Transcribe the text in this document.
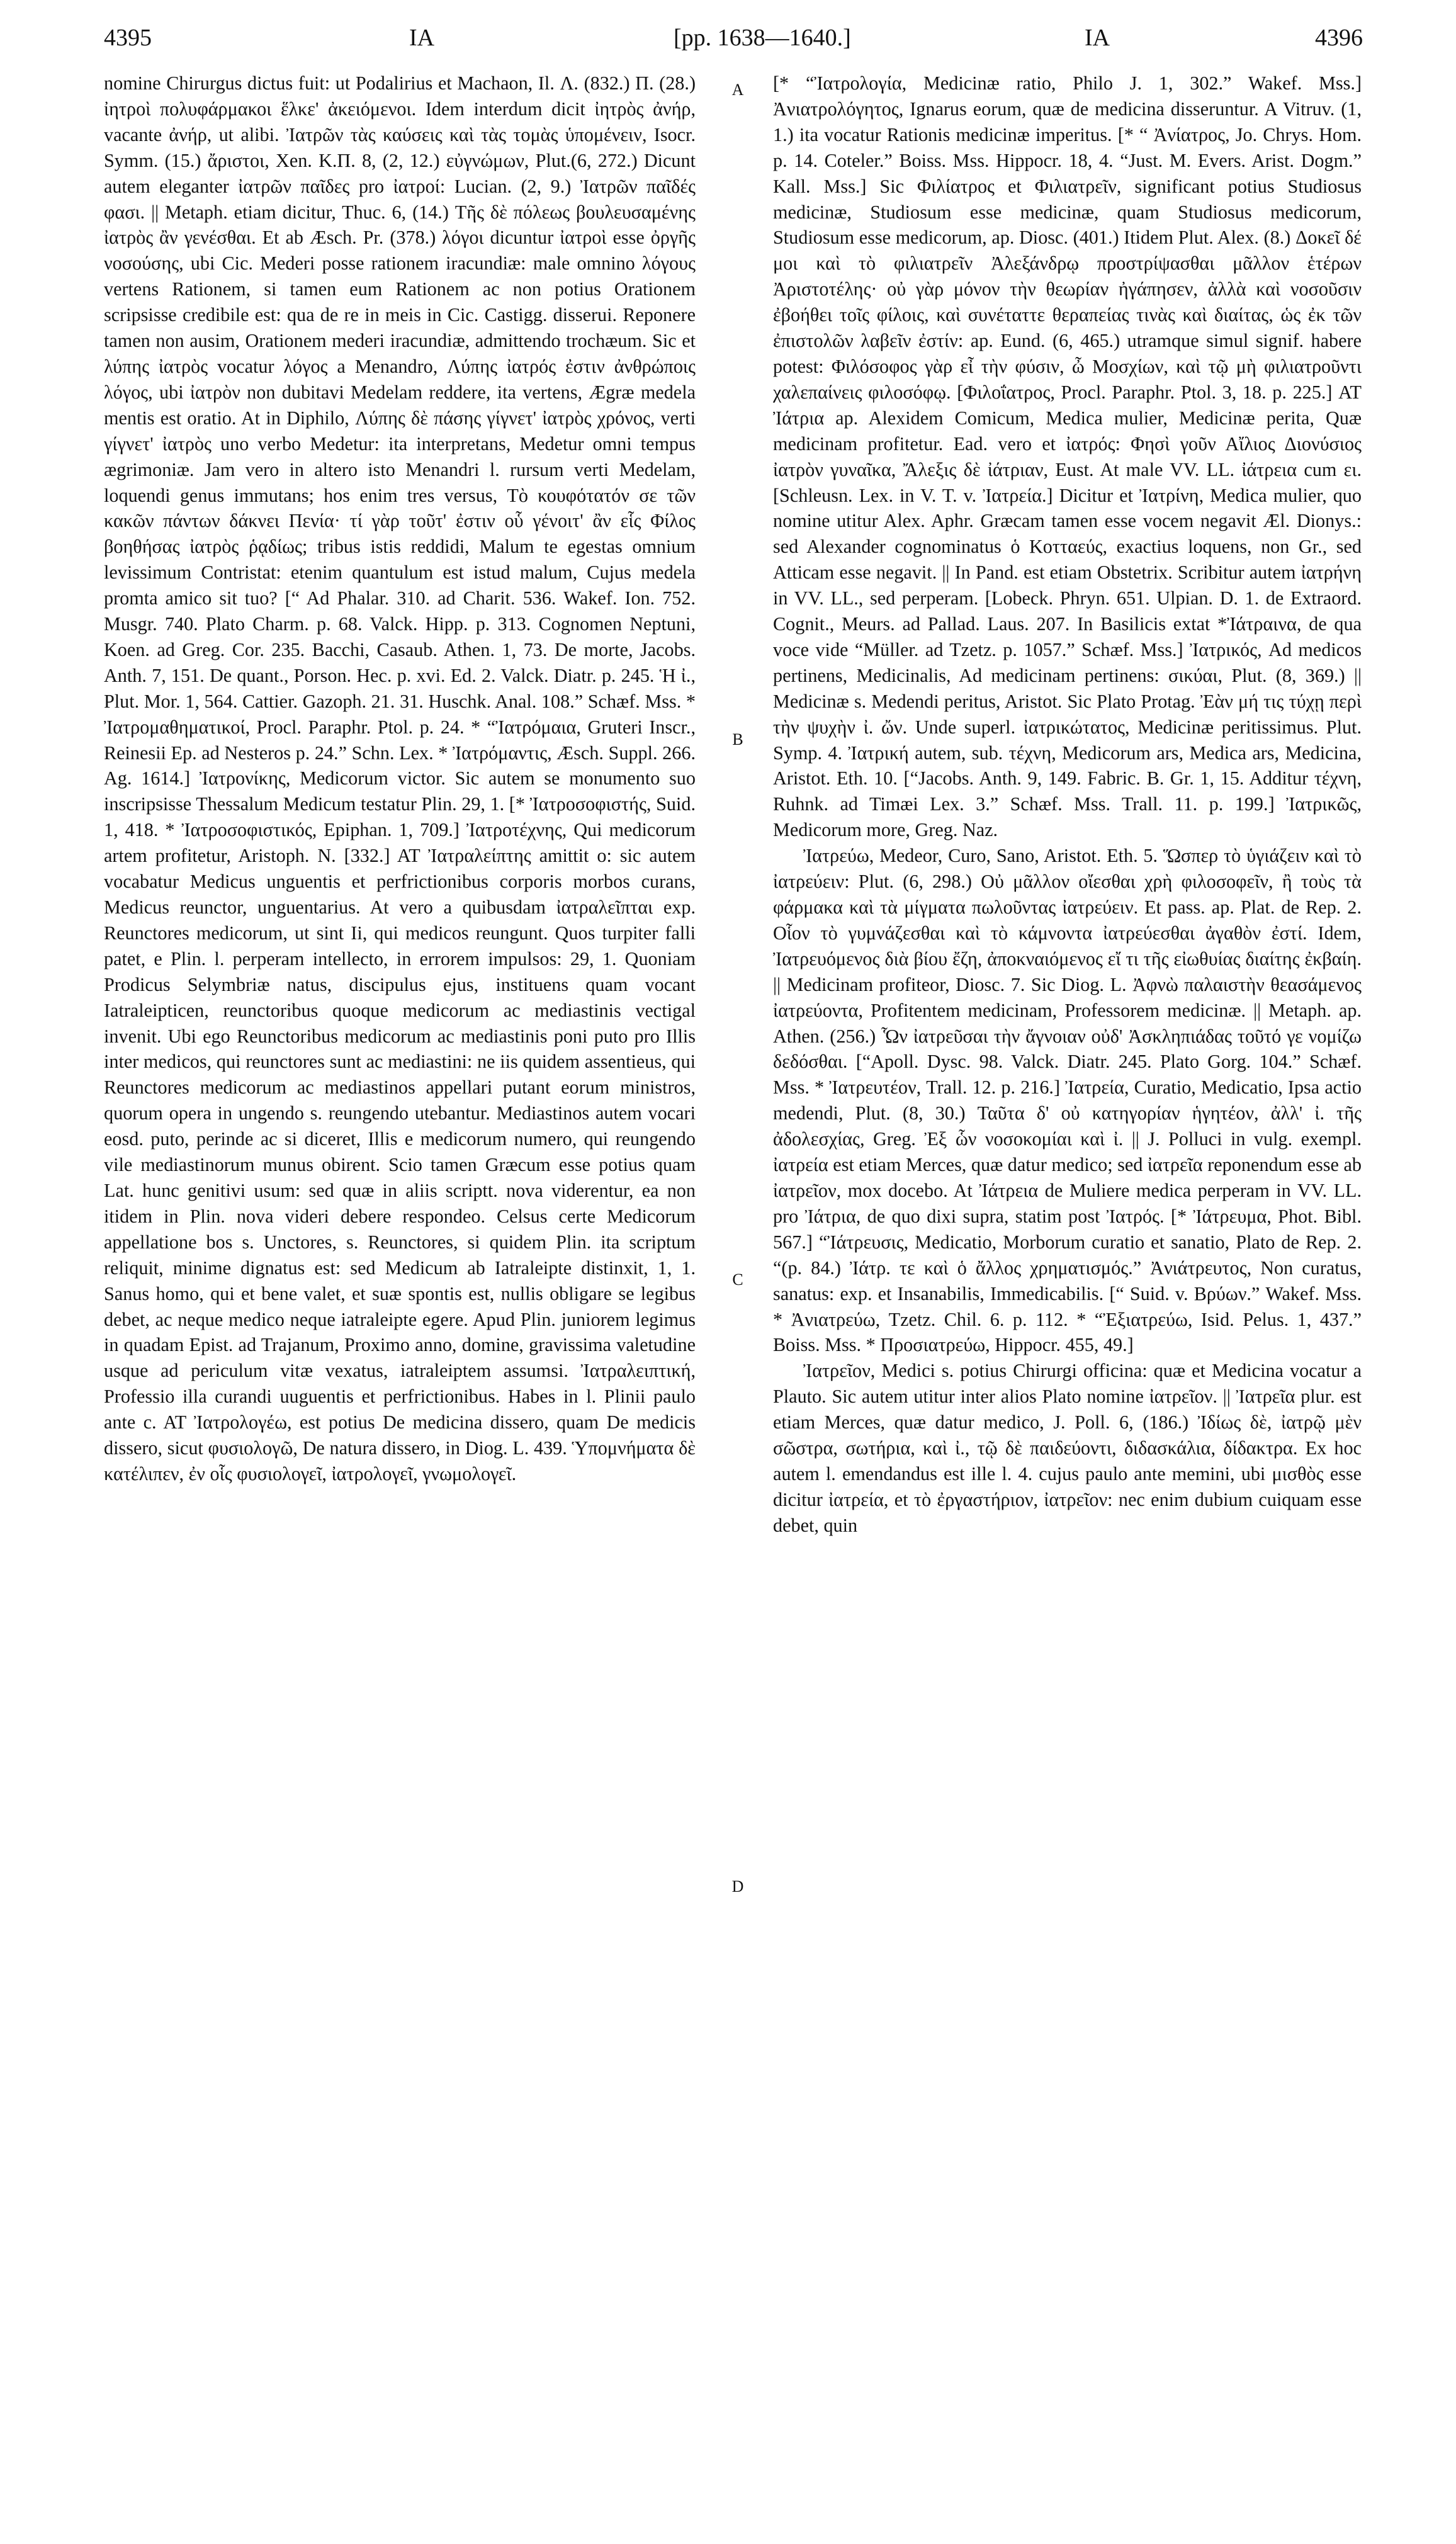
4395	ΙΑ	[pp. 1638—1640.]	ΙΑ	4396

nomine Chirurgus dictus fuit: ut Podalirius et Machaon, Il. Λ. (832.) Π. (28.) ἰητροὶ πολυφάρμακοι ἕλκε' ἀκειόμενοι. Idem interdum dicit ἰητρὸς ἀνήρ, vacante ἀνήρ, ut alibi. Ἰατρῶν τὰς καύσεις καὶ τὰς τομὰς ὑπομένειν, Isocr. Symm. (15.) ἄριστοι, Xen. K.Π. 8, (2, 12.) εὐγνώμων, Plut.(6, 272.) Dicunt autem eleganter ἰατρῶν παῖδες pro ἰατροί: Lucian. (2, 9.) Ἰατρῶν παῖδές φασι. || Metaph. etiam dicitur, Thuc. 6, (14.) Τῆς δὲ πόλεως βουλευσαμένης ἰατρὸς ἂν γενέσθαι. Et ab Æsch. Pr. (378.) λόγοι dicuntur ἰατροὶ esse ὀργῆς νοσούσης, ubi Cic. Mederi posse rationem iracundiæ: male omnino λόγους vertens Rationem, si tamen eum Rationem ac non potius Orationem scripsisse credibile est: qua de re in meis in Cic. Castigg. disserui. Reponere tamen non ausim, Orationem mederi iracundiæ, admittendo trochæum. Sic et λύπης ἰατρὸς vocatur λόγος a Menandro, Λύπης ἰατρός ἐστιν ἀνθρώποις λόγος, ubi ἰατρὸν non dubitavi Medelam reddere, ita vertens, Ægræ medela mentis est oratio. At in Diphilo, Λύπης δὲ πάσης γίγνετ' ἰατρὸς χρόνος, verti γίγνετ' ἰατρὸς uno verbo Medetur: ita interpretans, Medetur omni tempus ægrimoniæ. Jam vero in altero isto Menandri l. rursum verti Medelam, loquendi genus immutans; hos enim tres versus, Τὸ κουφότατόν σε τῶν κακῶν πάντων δάκνει Πενία· τί γὰρ τοῦτ' ἐστιν οὗ γένοιτ' ἂν εἷς Φίλος βοηθήσας ἰατρὸς ῥᾳδίως; tribus istis reddidi, Malum te egestas omnium levissimum Contristat: etenim quantulum est istud malum, Cujus medela promta amico sit tuo? [“ Ad Phalar. 310. ad Charit. 536. Wakef. Ion. 752. Musgr. 740. Plato Charm. p. 68. Valck. Hipp. p. 313. Cognomen Neptuni, Koen. ad Greg. Cor. 235. Bacchi, Casaub. Athen. 1, 73. De morte, Jacobs. Anth. 7, 151. De quant., Porson. Hec. p. xvi. Ed. 2. Valck. Diatr. p. 245. Ἡ ἰ., Plut. Mor. 1, 564. Cattier. Gazoph. 21. 31. Huschk. Anal. 108.” Schæf. Mss. * Ἰατρομαθηματικοί, Procl. Paraphr. Ptol. p. 24. * “Ἰατρόμαια, Gruteri Inscr., Reinesii Ep. ad Nesteros p. 24.” Schn. Lex. * Ἰατρόμαντις, Æsch. Suppl. 266. Ag. 1614.] Ἰατρονίκης, Medicorum victor. Sic autem se monumento suo inscripsisse Thessalum Medicum testatur Plin. 29, 1. [* Ἰατροσοφιστής, Suid. 1, 418. * Ἰατροσοφιστικός, Epiphan. 1, 709.] Ἰατροτέχνης, Qui medicorum artem profitetur, Aristoph. N. [332.] AT Ἰατραλείπτης amittit o: sic autem vocabatur Medicus unguentis et perfrictionibus corporis morbos curans, Medicus reunctor, unguentarius. At vero a quibusdam ἰατραλεῖπται exp. Reunctores medicorum, ut sint Ii, qui medicos reungunt. Quos turpiter falli patet, e Plin. l. perperam intellecto, in errorem impulsos: 29, 1. Quoniam Prodicus Selymbriæ natus, discipulus ejus, instituens quam vocant Iatraleipticen, reunctoribus quoque medicorum ac mediastinis vectigal invenit. Ubi ego Reunctoribus medicorum ac mediastinis poni puto pro Illis inter medicos, qui reunctores sunt ac mediastini: ne iis quidem assentieus, qui Reunctores medicorum ac mediastinos appellari putant eorum ministros, quorum opera in ungendo s. reungendo utebantur. Mediastinos autem vocari eosd. puto, perinde ac si diceret, Illis e medicorum numero, qui reungendo vile mediastinorum munus obirent. Scio tamen Græcum esse potius quam Lat. hunc genitivi usum: sed quæ in aliis scriptt. nova viderentur, ea non itidem in Plin. nova videri debere respondeo. Celsus certe Medicorum appellatione bos s. Unctores, s. Reunctores, si quidem Plin. ita scriptum reliquit, minime dignatus est: sed Medicum ab Iatraleipte distinxit, 1, 1. Sanus homo, qui et bene valet, et suæ spontis est, nullis obligare se legibus debet, ac neque medico neque iatraleipte egere. Apud Plin. juniorem legimus in quadam Epist. ad Trajanum, Proximo anno, domine, gravissima valetudine usque ad periculum vitæ vexatus, iatraleiptem assumsi. Ἰατραλειπτική, Professio illa curandi uuguentis et perfrictionibus. Habes in l. Plinii paulo ante c. AT Ἰατρολογέω, est potius De medicina dissero, quam De medicis dissero, sicut φυσιολογῶ, De natura dissero, in Diog. L. 439. Ὑπομνήματα δὲ κατέλιπεν, ἐν οἷς φυσιολογεῖ, ἰατρολογεῖ, γνωμολογεῖ.

A
B
C
D

[* “Ἰατρολογία, Medicinæ ratio, Philo J. 1, 302.” Wakef. Mss.] Ἀνιατρολόγητος, Ignarus eorum, quæ de medicina disseruntur. A Vitruv. (1, 1.) ita vocatur Rationis medicinæ imperitus. [* “ Ἀνίατρος, Jo. Chrys. Hom. p. 14. Coteler.” Boiss. Mss. Hippocr. 18, 4. “Just. M. Evers. Arist. Dogm.” Kall. Mss.] Sic Φιλίατρος et Φιλιατρεῖν, significant potius Studiosus medicinæ, Studiosum esse medicinæ, quam Studiosus medicorum, Studiosum esse medicorum, ap. Diosc. (401.) Itidem Plut. Alex. (8.) Δοκεῖ δέ μοι καὶ τὸ φιλιατρεῖν Ἀλεξάνδρῳ προστρίψασθαι μᾶλλον ἑτέρων Ἀριστοτέλης· οὐ γὰρ μόνον τὴν θεωρίαν ἠγάπησεν, ἀλλὰ καὶ νοσοῦσιν ἐβοήθει τοῖς φίλοις, καὶ συνέταττε θεραπείας τινὰς καὶ διαίτας, ὡς ἐκ τῶν ἐπιστολῶν λαβεῖν ἐστίν: ap. Eund. (6, 465.) utramque simul signif. habere potest: Φιλόσοφος γὰρ εἶ τὴν φύσιν, ὦ Μοσχίων, καὶ τῷ μὴ φιλιατροῦντι χαλεπαίνεις φιλοσόφῳ. [Φιλοΐατρος, Procl. Paraphr. Ptol. 3, 18. p. 225.] AT Ἰάτρια ap. Alexidem Comicum, Medica mulier, Medicinæ perita, Quæ medicinam profitetur. Ead. vero et ἰατρός: Φησὶ γοῦν Αἴλιος Διονύσιος ἰατρὸν γυναῖκα, Ἄλεξις δὲ ἰάτριαν, Eust. At male VV. LL. ἰάτρεια cum ει. [Schleusn. Lex. in V. T. v. Ἰατρεία.] Dicitur et Ἰατρίνη, Medica mulier, quo nomine utitur Alex. Aphr. Græcam tamen esse vocem negavit Æl. Dionys.: sed Alexander cognominatus ὁ Κοτταεύς, exactius loquens, non Gr., sed Atticam esse negavit. || In Pand. est etiam Obstetrix. Scribitur autem ἰατρήνη in VV. LL., sed perperam. [Lobeck. Phryn. 651. Ulpian. D. 1. de Extraord. Cognit., Meurs. ad Pallad. Laus. 207. In Basilicis extat *Ἰάτραινα, de qua voce vide “Müller. ad Tzetz. p. 1057.” Schæf. Mss.] Ἰατρικός, Ad medicos pertinens, Medicinalis, Ad medicinam pertinens: σικύαι, Plut. (8, 369.) || Medicinæ s. Medendi peritus, Aristot. Sic Plato Protag. Ἐὰν μή τις τύχῃ περὶ τὴν ψυχὴν ἰ. ὤν. Unde superl. ἰατρικώτατος, Medicinæ peritissimus. Plut. Symp. 4. Ἰατρική autem, sub. τέχνη, Medicorum ars, Medica ars, Medicina, Aristot. Eth. 10. [“Jacobs. Anth. 9, 149. Fabric. B. Gr. 1, 15. Additur τέχνη, Ruhnk. ad Timæi Lex. 3.” Schæf. Mss. Trall. 11. p. 199.] Ἰατρικῶς, Medicorum more, Greg. Naz.

Ἰατρεύω, Medeor, Curo, Sano, Aristot. Eth. 5. Ὥσπερ τὸ ὑγιάζειν καὶ τὸ ἰατρεύειν: Plut. (6, 298.) Οὐ μᾶλλον οἴεσθαι χρὴ φιλοσοφεῖν, ἢ τοὺς τὰ φάρμακα καὶ τὰ μίγματα πωλοῦντας ἰατρεύειν. Et pass. ap. Plat. de Rep. 2. Οἷον τὸ γυμνάζεσθαι καὶ τὸ κάμνοντα ἰατρεύεσθαι ἀγαθὸν ἐστί. Idem, Ἰατρευόμενος διὰ βίου ἔζη, ἀποκναιόμενος εἴ τι τῆς εἰωθυίας διαίτης ἐκβαίη. || Medicinam profiteor, Diosc. 7. Sic Diog. L. Ἀφνὼ παλαιστὴν θεασάμενος ἰατρεύοντα, Profitentem medicinam, Professorem medicinæ. || Metaph. ap. Athen. (256.) Ὧν ἰατρεῦσαι τὴν ἄγνοιαν οὐδ' Ἀσκληπιάδας τοῦτό γε νομίζω δεδόσθαι. [“Apoll. Dysc. 98. Valck. Diatr. 245. Plato Gorg. 104.” Schæf. Mss. * Ἰατρευτέον, Trall. 12. p. 216.] Ἰατρεία, Curatio, Medicatio, Ipsa actio medendi, Plut. (8, 30.) Ταῦτα δ' οὐ κατηγορίαν ἡγητέον, ἀλλ' ἰ. τῆς ἀδολεσχίας, Greg. Ἐξ ὧν νοσοκομίαι καὶ ἰ. || J. Polluci in vulg. exempl. ἰατρεία est etiam Merces, quæ datur medico; sed ἰατρεῖα reponendum esse ab ἰατρεῖον, mox docebo. At Ἰάτρεια de Muliere medica perperam in VV. LL. pro Ἰάτρια, de quo dixi supra, statim post Ἰατρός. [* Ἰάτρευμα, Phot. Bibl. 567.] “Ἰάτρευσις, Medicatio, Morborum curatio et sanatio, Plato de Rep. 2. “(p. 84.) Ἰάτρ. τε καὶ ὁ ἄλλος χρηματισμός.” Ἀνιάτρευτος, Non curatus, sanatus: exp. et Insanabilis, Immedicabilis. [“ Suid. v. Βρύων.” Wakef. Mss. * Ἀνιατρεύω, Tzetz. Chil. 6. p. 112. * “Ἐξιατρεύω, Isid. Pelus. 1, 437.” Boiss. Mss. * Προσιατρεύω, Hippocr. 455, 49.]

Ἰατρεῖον, Medici s. potius Chirurgi officina: quæ et Medicina vocatur a Plauto. Sic autem utitur inter alios Plato nomine ἰατρεῖον. || Ἰατρεῖα plur. est etiam Merces, quæ datur medico, J. Poll. 6, (186.) Ἰδίως δὲ, ἰατρῷ μὲν σῶστρα, σωτήρια, καὶ ἰ., τῷ δὲ παιδεύοντι, διδασκάλια, δίδακτρα. Ex hoc autem l. emendandus est ille l. 4. cujus paulo ante memini, ubi μισθὸς esse dicitur ἰατρεία, et τὸ ἐργαστήριον, ἰατρεῖον: nec enim dubium cuiquam esse debet, quin
